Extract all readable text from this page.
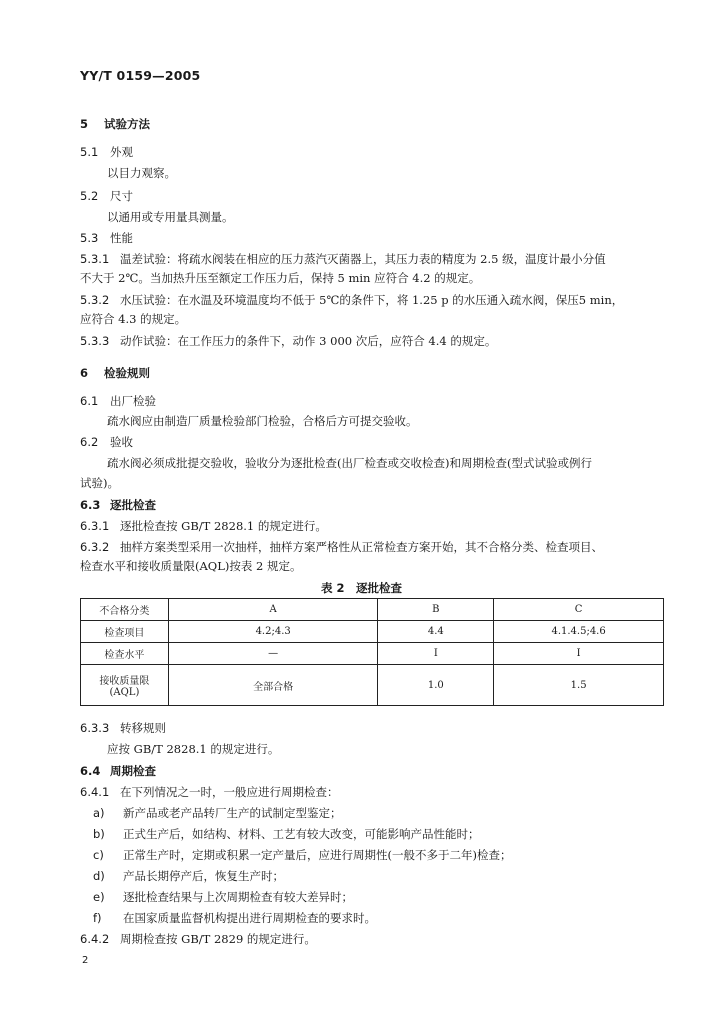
YY/T 0159—2005
5 试验方法
5.1 外观
以目力观察。
5.2 尺寸
以通用或专用量具测量。
5.3 性能
5.3.1 温差试验：将疏水阀装在相应的压力蒸汽灭菌器上，其压力表的精度为 2.5 级，温度计最小分值
不大于 2℃。当加热升压至额定工作压力后，保持 5 min 应符合 4.2 的规定。
5.3.2 水压试验：在水温及环境温度均不低于 5℃的条件下，将 1.25 p 的水压通入疏水阀，保压5 min，
应符合 4.3 的规定。
5.3.3 动作试验：在工作压力的条件下，动作 3 000 次后，应符合 4.4 的规定。
6 检验规则
6.1 出厂检验
疏水阀应由制造厂质量检验部门检验，合格后方可提交验收。
6.2 验收
疏水阀必须成批提交验收，验收分为逐批检查(出厂检查或交收检查)和周期检查(型式试验或例行
试验)。
6.3 逐批检查
6.3.1 逐批检查按 GB/T 2828.1 的规定进行。
6.3.2 抽样方案类型采用一次抽样，抽样方案严格性从正常检查方案开始，其不合格分类、检查项目、
检查水平和接收质量限(AQL)按表 2 规定。
表 2　逐批检查
不合格分类	A	B	C
检查项目	4.2;4.3	4.4	4.1.4.5;4.6
检查水平	—	Ⅰ	Ⅰ

接收质量限
(AQL)	全部合格	1.0	1.5
6.3.3 转移规则
应按 GB/T 2828.1 的规定进行。
6.4 周期检查
6.4.1 在下列情况之一时，一般应进行周期检查：
a) 新产品或老产品转厂生产的试制定型鉴定；
b) 正式生产后，如结构、材料、工艺有较大改变，可能影响产品性能时；
c) 正常生产时，定期或积累一定产量后，应进行周期性(一般不多于二年)检查；
d) 产品长期停产后，恢复生产时；
e) 逐批检查结果与上次周期检查有较大差异时；
f) 在国家质量监督机构提出进行周期检查的要求时。
6.4.2 周期检查按 GB/T 2829 的规定进行。
2
